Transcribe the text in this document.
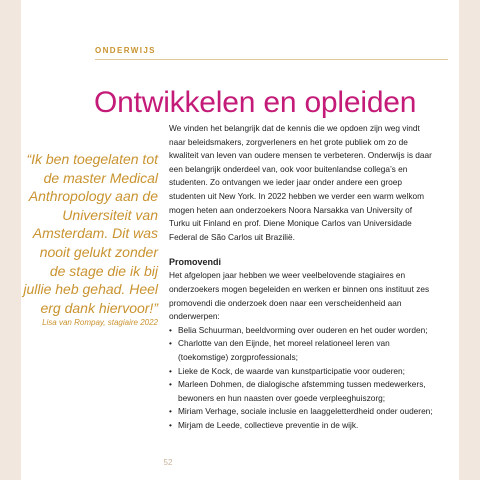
ONDERWIJS
Ontwikkelen en opleiden
“Ik ben toegelaten tot de master Medical Anthropology aan de Universiteit van Amsterdam. Dit was nooit gelukt zonder de stage die ik bij jullie heb gehad. Heel erg dank hiervoor!”
Lisa van Rompay, stagiaire 2022

We vinden het belangrijk dat de kennis die we opdoen zijn weg vindt naar beleidsmakers, zorgverleners en het grote publiek om zo de kwaliteit van leven van oudere mensen te verbeteren. Onderwijs is daar een belangrijk onderdeel van, ook voor buitenlandse collega’s en studenten. Zo ontvangen we ieder jaar onder andere een groep studenten uit New York. In 2022 hebben we verder een warm welkom mogen heten aan onderzoekers Noora Narsakka van University of Turku uit Finland en prof. Diene Monique Carlos van Universidade Federal de São Carlos uit Brazilië.

Promovendi

Het afgelopen jaar hebben we weer veelbelovende stagiaires en onderzoekers mogen begeleiden en werken er binnen ons instituut zes promovendi die onderzoek doen naar een verscheidenheid aan onderwerpen:

• Belia Schuurman, beeldvorming over ouderen en het ouder worden;
• Charlotte van den Eijnde, het moreel relationeel leren van (toekomstige) zorgprofessionals;
• Lieke de Kock, de waarde van kunstparticipatie voor ouderen;
• Marleen Dohmen, de dialogische afstemming tussen medewerkers, bewoners en hun naasten over goede verpleeghuiszorg;
• Miriam Verhage, sociale inclusie en laaggeletterdheid onder ouderen;
• Mirjam de Leede, collectieve preventie in de wijk.
52
